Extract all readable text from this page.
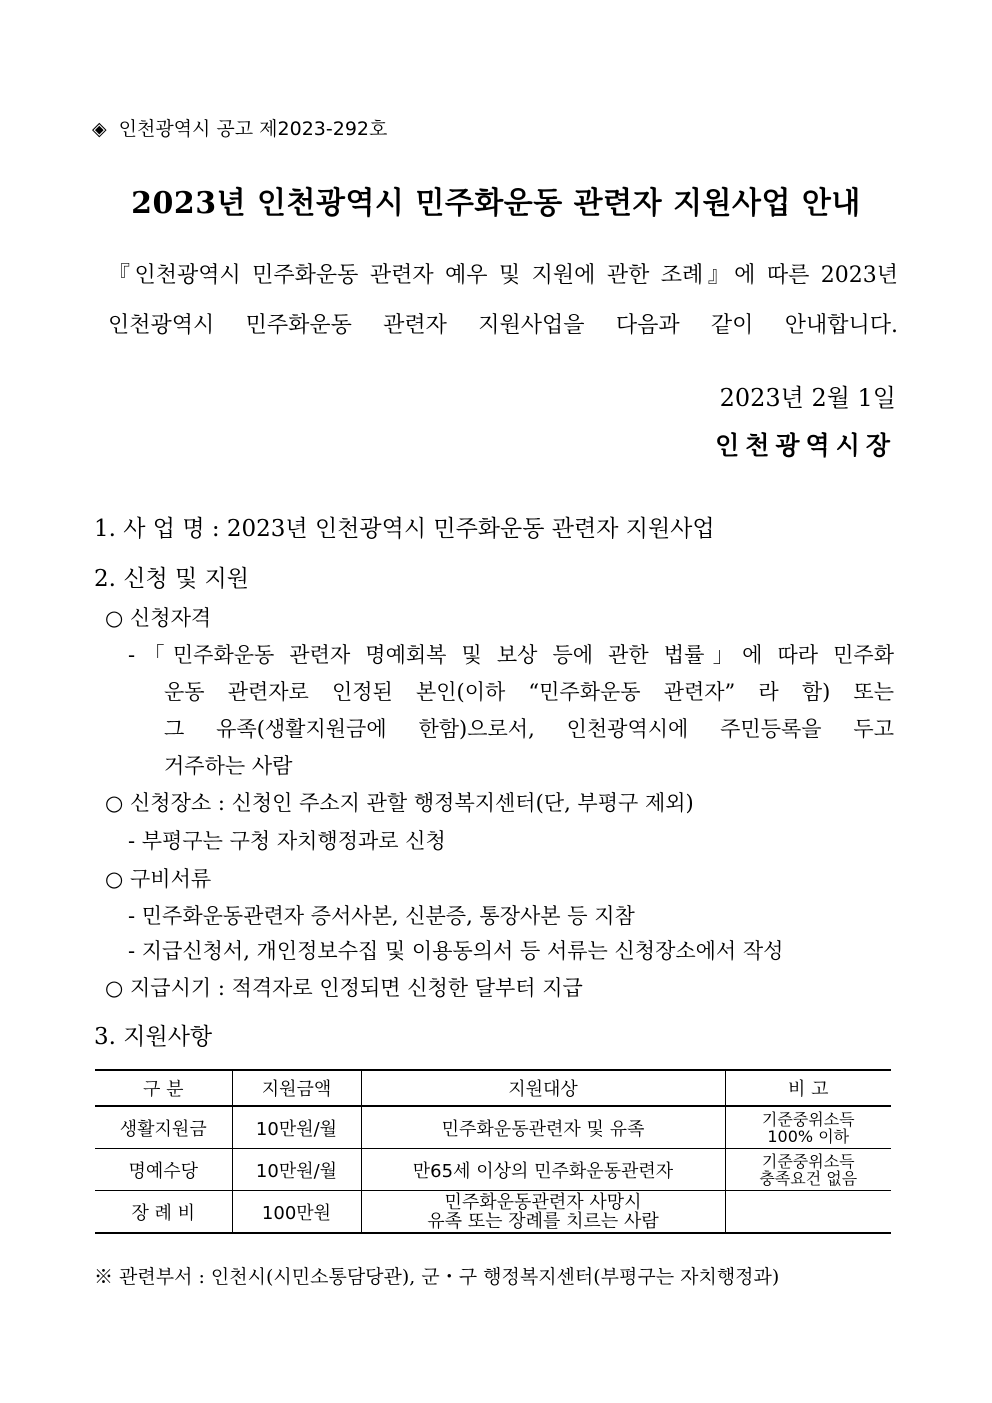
◈ 인천광역시 공고 제2023-292호
2023년 인천광역시 민주화운동 관련자 지원사업 안내
『인천광역시 민주화운동 관련자 예우 및 지원에 관한 조례』에 따른 2023년
인천광역시 민주화운동 관련자 지원사업을 다음과 같이 안내합니다.
2023년 2월 1일
인천광역시장
1. 사 업 명 : 2023년 인천광역시 민주화운동 관련자 지원사업
2. 신청 및 지원
○ 신청자격
-「민주화운동 관련자 명예회복 및 보상 등에 관한 법률」에 따라 민주화
운동 관련자로 인정된 본인(이하 “민주화운동 관련자” 라 함) 또는
그 유족(생활지원금에 한함)으로서, 인천광역시에 주민등록을 두고
거주하는 사람
○ 신청장소 : 신청인 주소지 관할 행정복지센터(단, 부평구 제외)
- 부평구는 구청 자치행정과로 신청
○ 구비서류
- 민주화운동관련자 증서사본, 신분증, 통장사본 등 지참
- 지급신청서, 개인정보수집 및 이용동의서 등 서류는 신청장소에서 작성
○ 지급시기 : 적격자로 인정되면 신청한 달부터 지급
3. 지원사항
구 분	지원금액	지원대상	비 고
생활지원금	10만원/월	민주화운동관련자 및 유족	기준중위소득
100% 이하

명예수당	10만원/월	만65세 이상의 민주화운동관련자	기준중위소득
충족요건 없음

장 례 비	100만원	민주화운동관련자 사망시
유족 또는 장례를 치르는 사람	

※ 관련부서 : 인천시(시민소통담당관), 군・구 행정복지센터(부평구는 자치행정과)
